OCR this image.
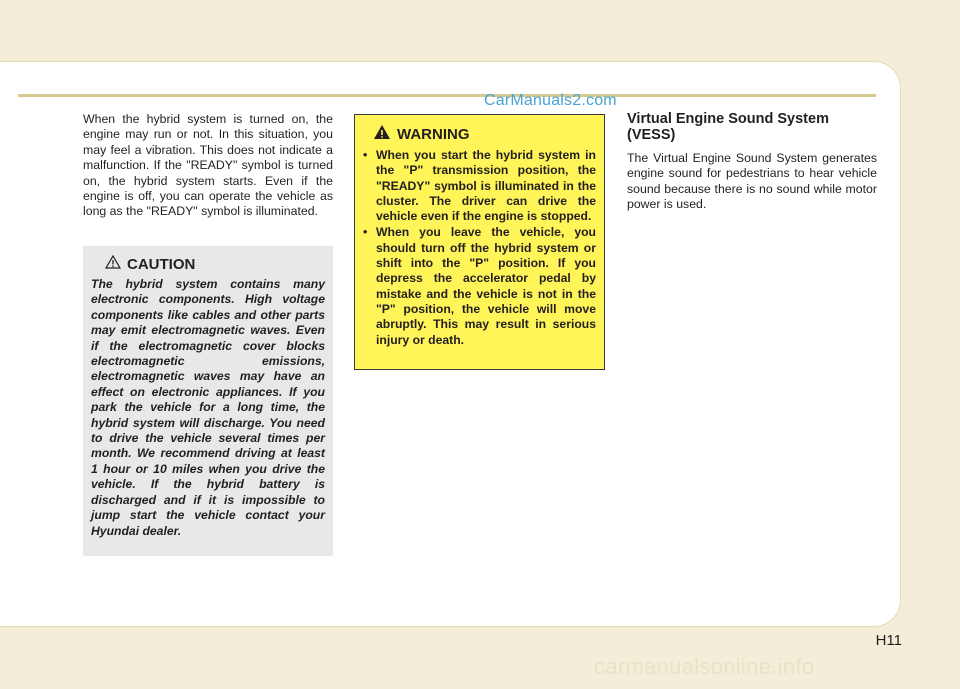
CarManuals2.com
When the hybrid system is turned on, the engine may run or not. In this situation, you may feel a vibration. This does not indicate a malfunction. If the "READY" symbol is turned on, the hybrid system starts. Even if the engine is off, you can operate the vehicle as long as the "READY" symbol is illuminated.
CAUTION
The hybrid system contains many electronic components. High voltage components like cables and other parts may emit electromagnetic waves. Even if the electromagnetic cover blocks electromagnetic emissions, electromagnetic waves may have an effect on electronic appliances. If you park the vehicle for a long time, the hybrid system will discharge. You need to drive the vehicle several times per month. We recommend driving at least 1 hour or 10 miles when you drive the vehicle. If the hybrid battery is discharged and if it is impossible to jump start the vehicle contact your Hyundai dealer.
WARNING
• When you start the hybrid system in the "P" transmission position, the "READY" symbol is illuminated in the cluster. The driver can drive the vehicle even if the engine is stopped.
• When you leave the vehicle, you should turn off the hybrid system or shift into the "P" position. If you depress the accelerator pedal by mistake and the vehicle is not in the "P" position, the vehicle will move abruptly. This may result in serious injury or death.
Virtual Engine Sound System (VESS)
The Virtual Engine Sound System generates engine sound for pedestrians to hear vehicle sound because there is no sound while motor power is used.
H11
carmanualsonline.info
